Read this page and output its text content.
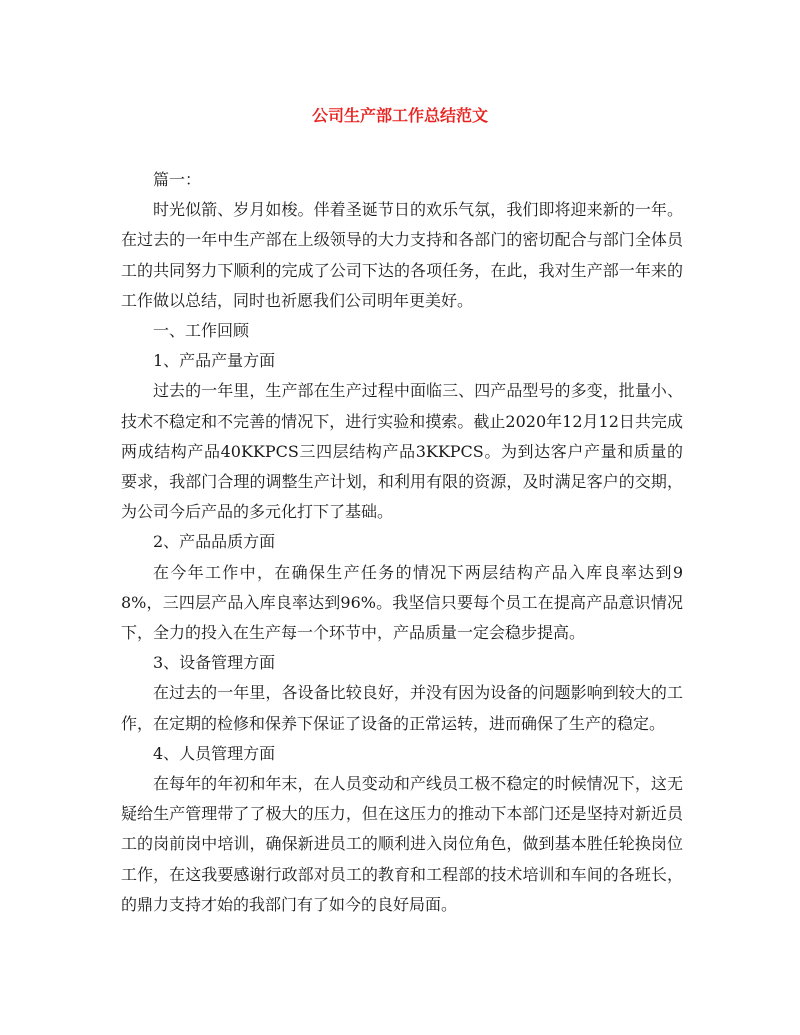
公司生产部工作总结范文

篇一：

时光似箭、岁月如梭。伴着圣诞节日的欢乐气氛，我们即将迎来新的一年。在过去的一年中生产部在上级领导的大力支持和各部门的密切配合与部门全体员工的共同努力下顺利的完成了公司下达的各项任务，在此，我对生产部一年来的工作做以总结，同时也祈愿我们公司明年更美好。

一、工作回顾

1、产品产量方面

过去的一年里，生产部在生产过程中面临三、四产品型号的多变，批量小、技术不稳定和不完善的情况下，进行实验和摸索。截止2020年12月12日共完成两成结构产品40KKPCS三四层结构产品3KKPCS。为到达客户产量和质量的要求，我部门合理的调整生产计划，和利用有限的资源，及时满足客户的交期，为公司今后产品的多元化打下了基础。

2、产品品质方面

在今年工作中，在确保生产任务的情况下两层结构产品入库良率达到98%，三四层产品入库良率达到96%。我坚信只要每个员工在提高产品意识情况下，全力的投入在生产每一个环节中，产品质量一定会稳步提高。

3、设备管理方面

在过去的一年里，各设备比较良好，并没有因为设备的问题影响到较大的工作，在定期的检修和保养下保证了设备的正常运转，进而确保了生产的稳定。

4、人员管理方面

在每年的年初和年末，在人员变动和产线员工极不稳定的时候情况下，这无疑给生产管理带了了极大的压力，但在这压力的推动下本部门还是坚持对新近员工的岗前岗中培训，确保新进员工的顺利进入岗位角色，做到基本胜任轮换岗位工作，在这我要感谢行政部对员工的教育和工程部的技术培训和车间的各班长，的鼎力支持才始的我部门有了如今的良好局面。
